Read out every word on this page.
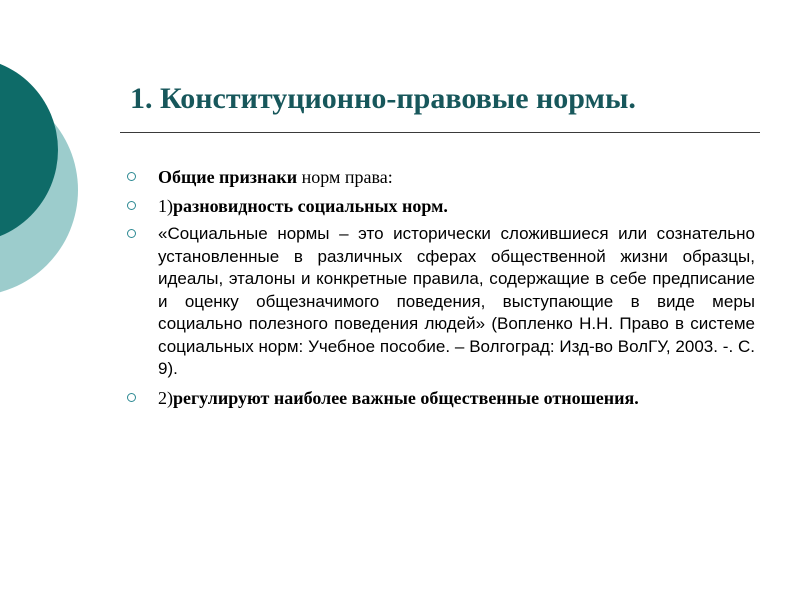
1. Конституционно-правовые нормы.
Общие признаки норм права:
1)разновидность социальных норм.
«Социальные нормы – это исторически сложившиеся или сознательно установленные в различных сферах общественной жизни образцы, идеалы, эталоны и конкретные правила, содержащие в себе предписание и оценку общезначимого поведения, выступающие в виде меры социально полезного поведения людей» (Вопленко Н.Н. Право в системе социальных норм: Учебное пособие. – Волгоград: Изд-во ВолГУ, 2003. -. С. 9).
2)регулируют наиболее важные общественные отношения.
